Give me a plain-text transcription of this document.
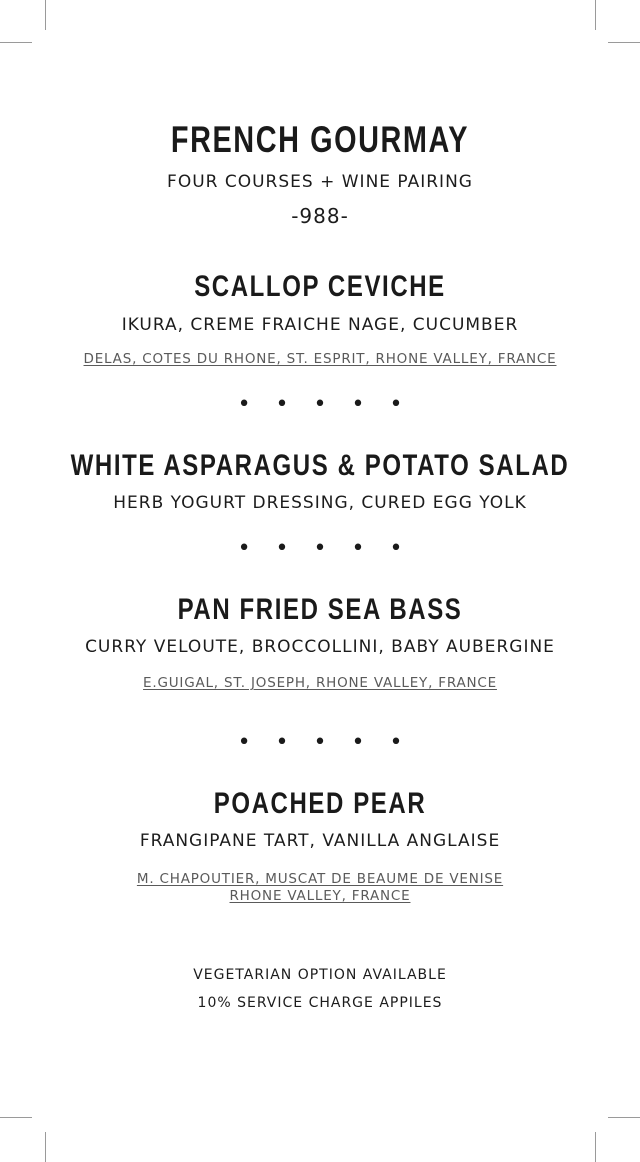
FRENCH GOURMAY
FOUR COURSES + WINE PAIRING
-988-
SCALLOP CEVICHE
IKURA, CREME FRAICHE NAGE, CUCUMBER
DELAS, COTES DU RHONE, ST. ESPRIT, RHONE VALLEY, FRANCE
• • • • •
WHITE ASPARAGUS & POTATO SALAD
HERB YOGURT DRESSING, CURED EGG YOLK
• • • • •
PAN FRIED SEA BASS
CURRY VELOUTE, BROCCOLLINI, BABY AUBERGINE
E.GUIGAL, ST. JOSEPH, RHONE VALLEY, FRANCE
• • • • •
POACHED PEAR
FRANGIPANE TART, VANILLA ANGLAISE
M. CHAPOUTIER, MUSCAT DE BEAUME DE VENISE
RHONE VALLEY, FRANCE
VEGETARIAN OPTION AVAILABLE
10% SERVICE CHARGE APPILES
